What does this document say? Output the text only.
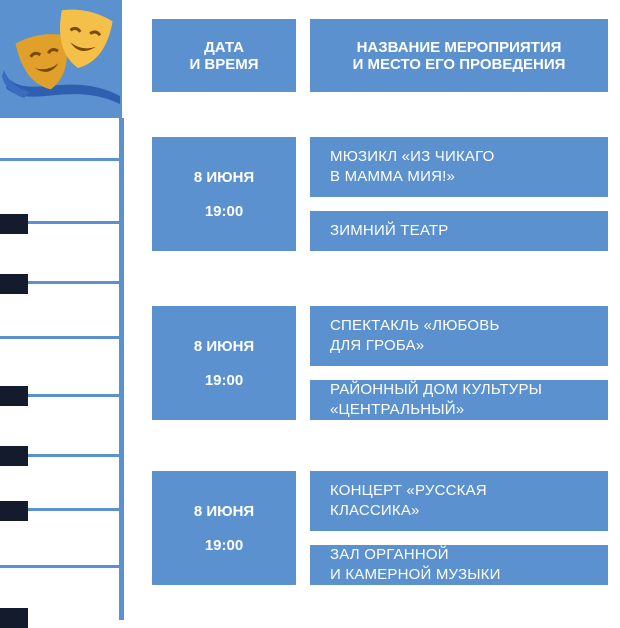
ДАТА
И ВРЕМЯ
НАЗВАНИЕ МЕРОПРИЯТИЯ
И МЕСТО ЕГО ПРОВЕДЕНИЯ
8 ИЮНЯ
19:00
МЮЗИКЛ «ИЗ ЧИКАГО
В МАММА МИЯ!»
ЗИМНИЙ ТЕАТР
8 ИЮНЯ
19:00
СПЕКТАКЛЬ «ЛЮБОВЬ
ДЛЯ ГРОБА»
РАЙОННЫЙ ДОМ КУЛЬТУРЫ
«ЦЕНТРАЛЬНЫЙ»
8 ИЮНЯ
19:00
КОНЦЕРТ «РУССКАЯ
КЛАССИКА»
ЗАЛ ОРГАННОЙ
И КАМЕРНОЙ МУЗЫКИ
